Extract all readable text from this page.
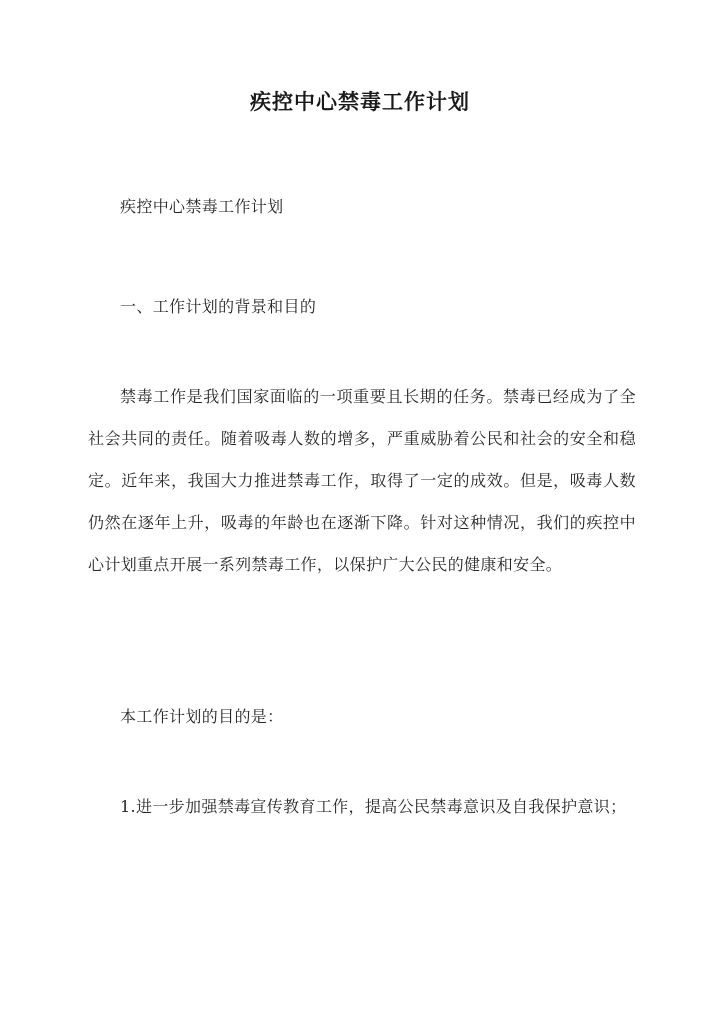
疾控中心禁毒工作计划
疾控中心禁毒工作计划
一、工作计划的背景和目的
禁毒工作是我们国家面临的一项重要且长期的任务。禁毒已经成为了全社会共同的责任。随着吸毒人数的增多，严重威胁着公民和社会的安全和稳定。近年来，我国大力推进禁毒工作，取得了一定的成效。但是，吸毒人数仍然在逐年上升，吸毒的年龄也在逐渐下降。针对这种情况，我们的疾控中心计划重点开展一系列禁毒工作，以保护广大公民的健康和安全。
本工作计划的目的是：
1.进一步加强禁毒宣传教育工作，提高公民禁毒意识及自我保护意识；
